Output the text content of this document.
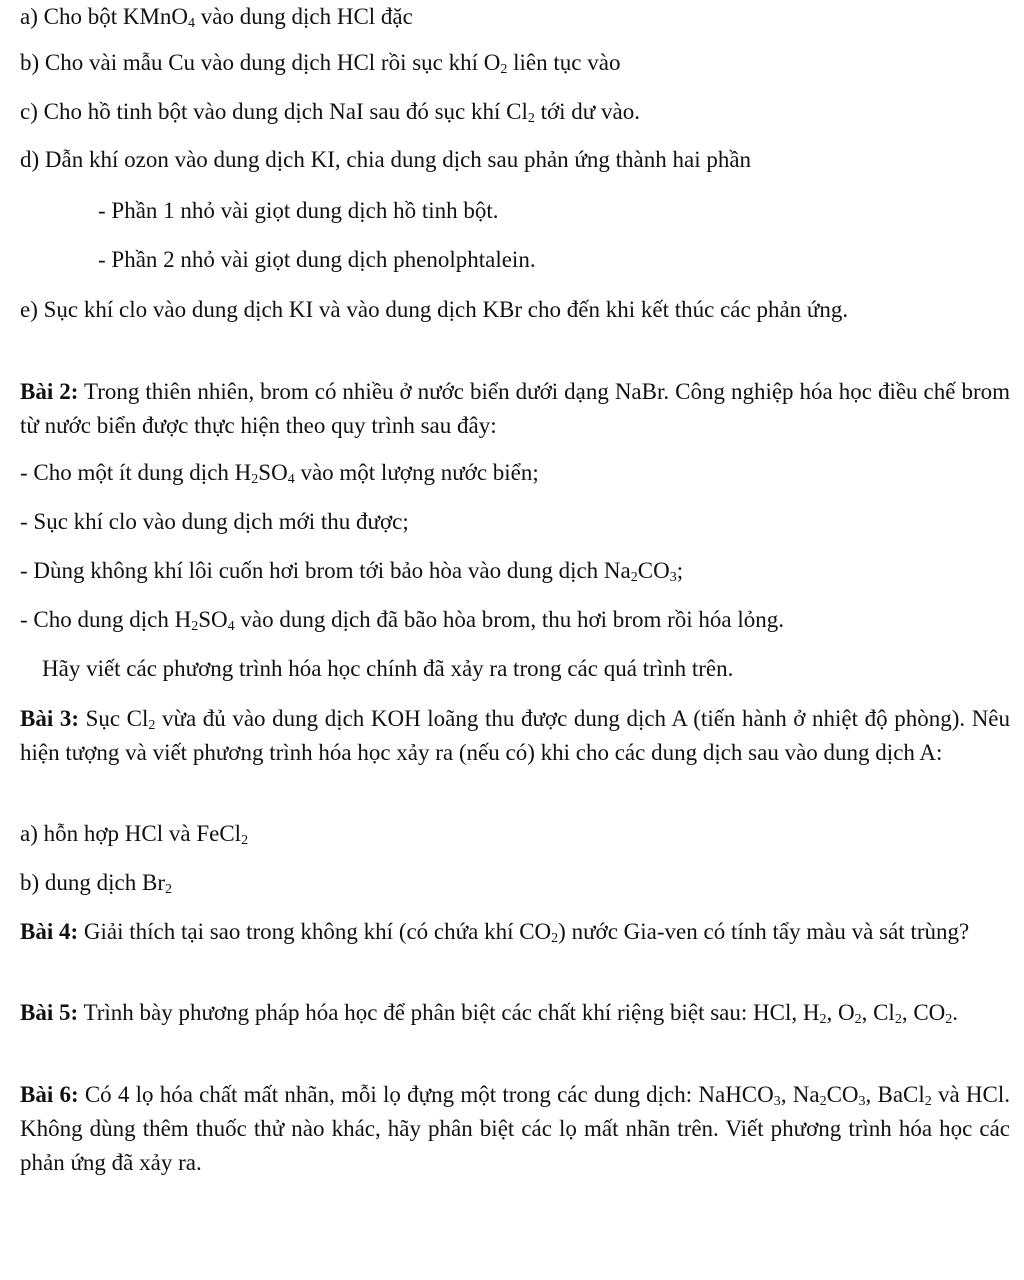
a) Cho bột KMnO$_4$ vào dung dịch HCl đặc
b) Cho vài mẫu Cu vào dung dịch HCl rồi sục khí $O_2$ liên tục vào
c) Cho hồ tinh bột vào dung dịch NaI sau đó sục khí $Cl_2$ tới dư vào.
d) Dẫn khí ozon vào dung dịch KI, chia dung dịch sau phản ứng thành hai phần
- Phần 1 nhỏ vài giọt dung dịch hồ tinh bột.
- Phần 2 nhỏ vài giọt dung dịch phenolphtalein.
e) Sục khí clo vào dung dịch KI và vào dung dịch KBr cho đến khi kết thúc các phản ứng.
Bài 2: Trong thiên nhiên, brom có nhiều ở nước biển dưới dạng NaBr. Công nghiệp hóa học điều chế brom từ nước biển được thực hiện theo quy trình sau đây:
- Cho một ít dung dịch $H_2SO_4$ vào một lượng nước biển;
- Sục khí clo vào dung dịch mới thu được;
- Dùng không khí lôi cuốn hơi brom tới bảo hòa vào dung dịch $Na_2CO_3$;
- Cho dung dịch $H_2SO_4$ vào dung dịch đã bão hòa brom, thu hơi brom rồi hóa lỏng.
Hãy viết các phương trình hóa học chính đã xảy ra trong các quá trình trên.
Bài 3: Sục $Cl_2$ vừa đủ vào dung dịch KOH loãng thu được dung dịch A (tiến hành ở nhiệt độ phòng). Nêu hiện tượng và viết phương trình hóa học xảy ra (nếu có) khi cho các dung dịch sau vào dung dịch A:
a) hỗn hợp HCl và FeCl$_2$
b) dung dịch $Br_2$
Bài 4: Giải thích tại sao trong không khí (có chứa khí $CO_2$) nước Gia-ven có tính tẩy màu và sát trùng?
Bài 5: Trình bày phương pháp hóa học để phân biệt các chất khí riệng biệt sau: HCl, $H_2$, $O_2$, $Cl_2$, $CO_2$.
Bài 6: Có 4 lọ hóa chất mất nhãn, mỗi lọ đựng một trong các dung dịch: NaHCO$_3$, $Na_2CO_3$, BaCl$_2$ và HCl. Không dùng thêm thuốc thử nào khác, hãy phân biệt các lọ mất nhãn trên. Viết phương trình hóa học các phản ứng đã xảy ra.
